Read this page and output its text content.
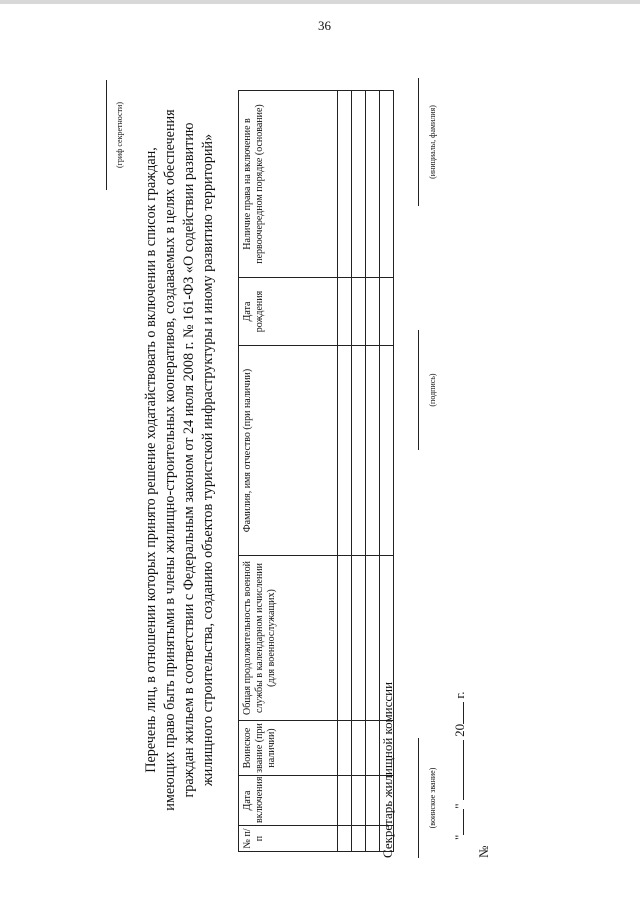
36
(гриф секретности)
Перечень лиц, в отношении которых принято решение ходатайствовать о включении в список граждан, имеющих право быть принятыми в члены жилищно-строительных кооперативов, создаваемых в целях обеспечения граждан жильем в соответствии с Федеральным законом от 24 июля 2008 г. № 161-ФЗ «О содействии развитию жилищного строительства, созданию объектов туристской инфраструктуры и иному развитию территорий»
№ п/п	Дата включения	Воинское звание (при наличии)	Общая продолжительность военной службы в календарном исчислении (для военнослужащих)	Фамилия, имя отчество (при наличии)	Дата рождения	Наличие права на включение в первоочередном порядке (основание)

Секретарь жилищной комиссии	(воинское звание)
(подпись)
(инициалы, фамилия)
""  20 г.
№
